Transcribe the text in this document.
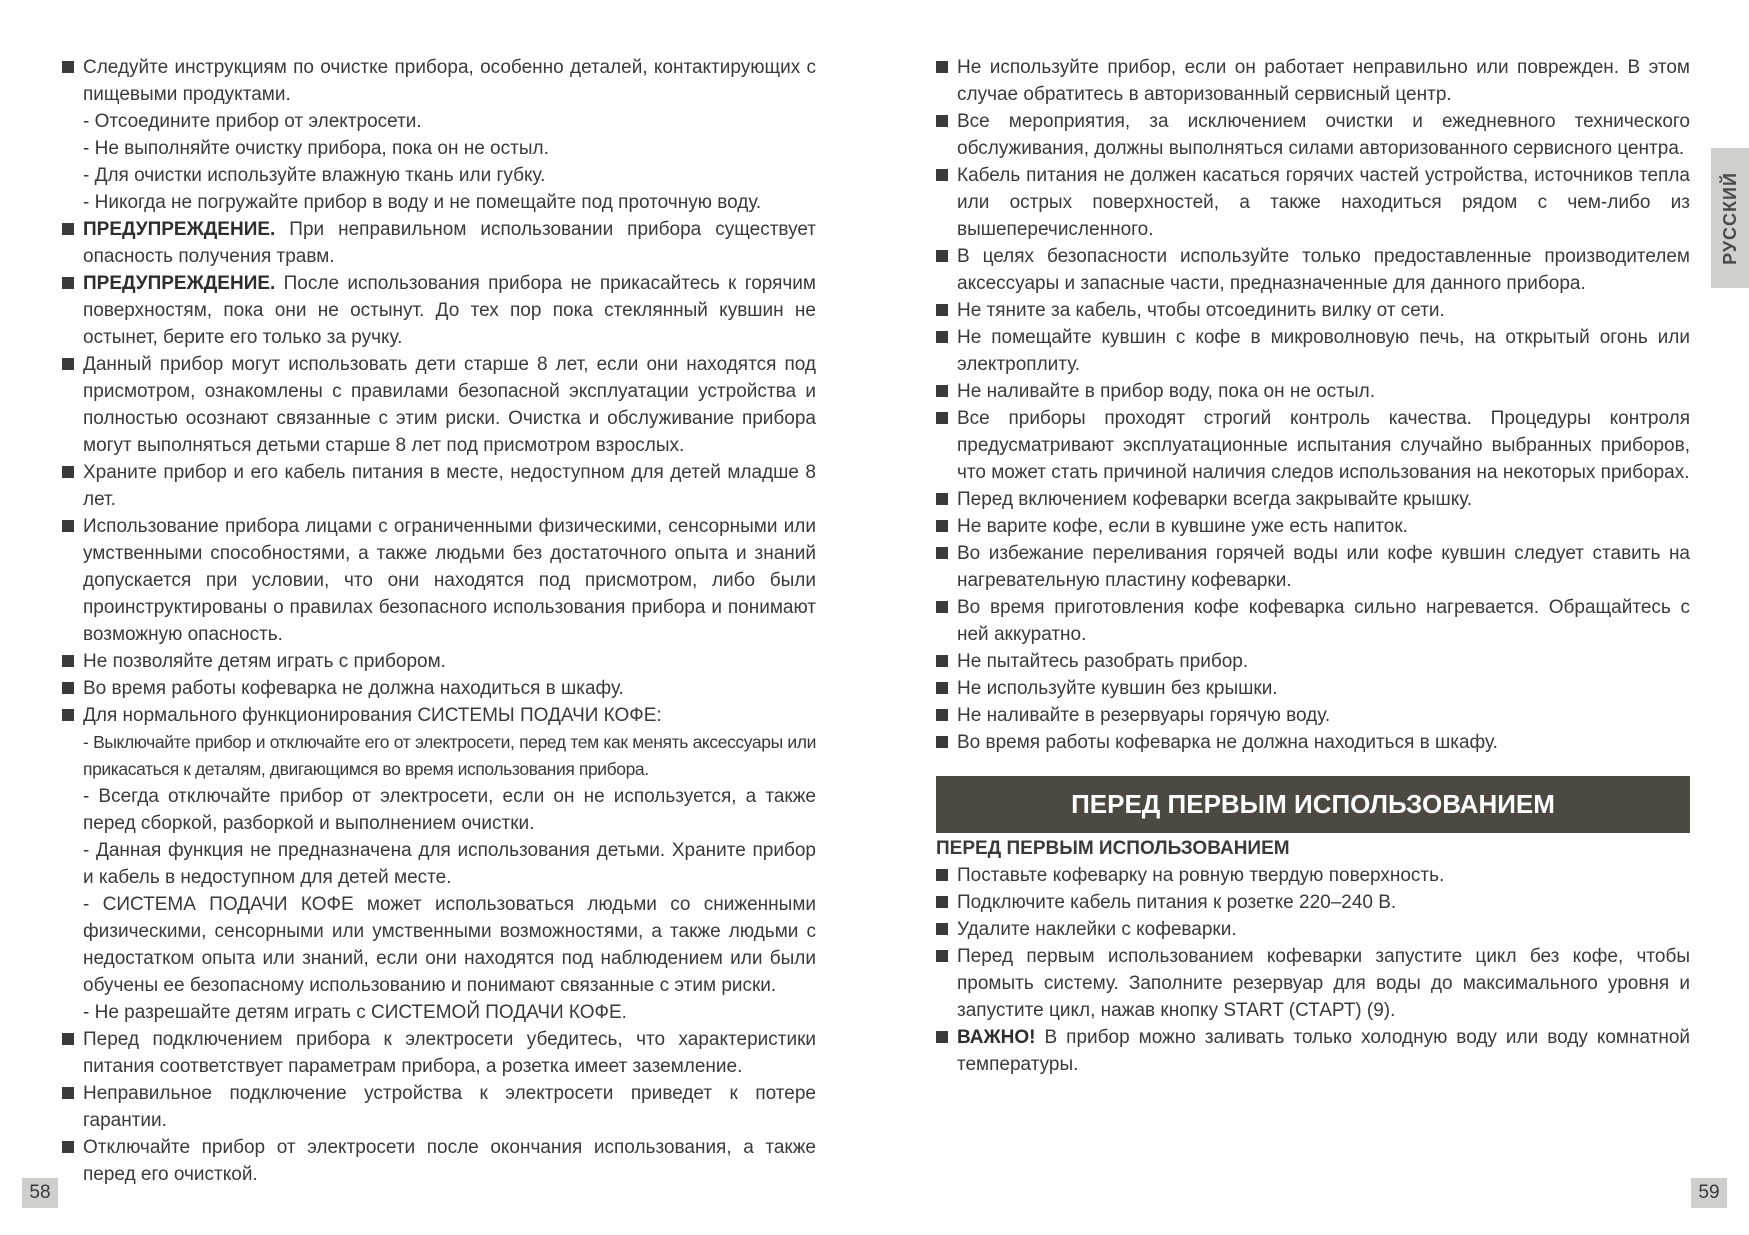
Следуйте инструкциям по очистке прибора, особенно деталей, контактирующих с пищевыми продуктами.

- Отсоедините прибор от электросети.

- Не выполняйте очистку прибора, пока он не остыл.

- Для очистки используйте влажную ткань или губку.

- Никогда не погружайте прибор в воду и не помещайте под проточную воду.

ПРЕДУПРЕЖДЕНИЕ. При неправильном использовании прибора существует опасность получения травм.

ПРЕДУПРЕЖДЕНИЕ. После использования прибора не прикасайтесь к горячим поверхностям, пока они не остынут. До тех пор пока стеклянный кувшин не остынет, берите его только за ручку.

Данный прибор могут использовать дети старше 8 лет, если они находятся под присмотром, ознакомлены с правилами безопасной эксплуатации устройства и полностью осознают связанные с этим риски. Очистка и обслуживание прибора могут выполняться детьми старше 8 лет под присмотром взрослых.

Храните прибор и его кабель питания в месте, недоступном для детей младше 8 лет.

Использование прибора лицами с ограниченными физическими, сенсорными или умственными способностями, а также людьми без достаточного опыта и знаний допускается при условии, что они находятся под присмотром, либо были проинструктированы о правилах безопасного использования прибора и понимают возможную опасность.

Не позволяйте детям играть с прибором.

Во время работы кофеварка не должна находиться в шкафу.

Для нормального функционирования СИСТЕМЫ ПОДАЧИ КОФЕ:

- Выключайте прибор и отключайте его от электросети, перед тем как менять аксессуары или прикасаться к деталям, двигающимся во время использования прибора.

- Всегда отключайте прибор от электросети, если он не используется, а также перед сборкой, разборкой и выполнением очистки.

- Данная функция не предназначена для использования детьми. Храните прибор и кабель в недоступном для детей месте.

- СИСТЕМА ПОДАЧИ КОФЕ может использоваться людьми со сниженными физическими, сенсорными или умственными возможностями, а также людьми с недостатком опыта или знаний, если они находятся под наблюдением или были обучены ее безопасному использованию и понимают связанные с этим риски.

- Не разрешайте детям играть с СИСТЕМОЙ ПОДАЧИ КОФЕ.

Перед подключением прибора к электросети убедитесь, что характеристики питания соответствует параметрам прибора, а розетка имеет заземление.

Неправильное подключение устройства к электросети приведет к потере гарантии.

Отключайте прибор от электросети после окончания использования, а также перед его очисткой.

Не используйте прибор, если он работает неправильно или поврежден. В этом случае обратитесь в авторизованный сервисный центр.

Все мероприятия, за исключением очистки и ежедневного технического обслуживания, должны выполняться силами авторизованного сервисного центра.

Кабель питания не должен касаться горячих частей устройства, источников тепла или острых поверхностей, а также находиться рядом с чем-либо из вышеперечисленного.

В целях безопасности используйте только предоставленные производителем аксессуары и запасные части, предназначенные для данного прибора.

Не тяните за кабель, чтобы отсоединить вилку от сети.

Не помещайте кувшин с кофе в микроволновую печь, на открытый огонь или электроплиту.

Не наливайте в прибор воду, пока он не остыл.

Все приборы проходят строгий контроль качества. Процедуры контроля предусматривают эксплуатационные испытания случайно выбранных приборов, что может стать причиной наличия следов использования на некоторых приборах.

Перед включением кофеварки всегда закрывайте крышку.

Не варите кофе, если в кувшине уже есть напиток.

Во избежание переливания горячей воды или кофе кувшин следует ставить на нагревательную пластину кофеварки.

Во время приготовления кофе кофеварка сильно нагревается. Обращайтесь с ней аккуратно.

Не пытайтесь разобрать прибор.

Не используйте кувшин без крышки.

Не наливайте в резервуары горячую воду.

Во время работы кофеварка не должна находиться в шкафу.

ПЕРЕД ПЕРВЫМ ИСПОЛЬЗОВАНИЕМ

ПЕРЕД ПЕРВЫМ ИСПОЛЬЗОВАНИЕМ

Поставьте кофеварку на ровную твердую поверхность.

Подключите кабель питания к розетке 220–240 В.

Удалите наклейки с кофеварки.

Перед первым использованием кофеварки запустите цикл без кофе, чтобы промыть систему. Заполните резервуар для воды до максимального уровня и запустите цикл, нажав кнопку START (СТАРТ) (9).

ВАЖНО! В прибор можно заливать только холодную воду или воду комнатной температуры.

РУССКИЙ
58	59
